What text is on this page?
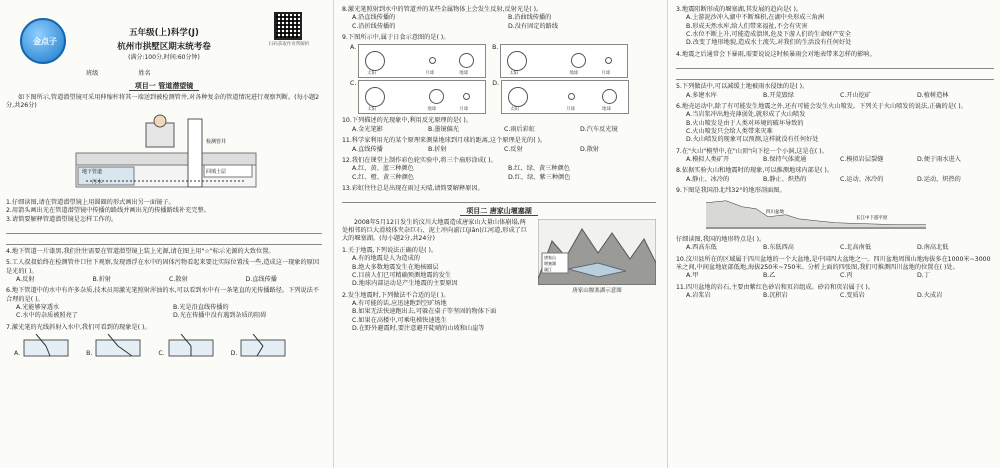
金点子
五年级(上)科学(J)
杭州市拱墅区期末统考卷
(满分:100分,时间:60分钟)
扫码获取作业帮解析
班级	姓名
项目一 管道潜望镜

如下图所示,管道潜望镜可采用伸缩杆将其一端送到被检测管井,对各种复杂的管道情况进行观察判断。(每小题2分,共26分)

地下管道
污水
检测管井
回填土层

1.仔细读图,请在管道潜望镜上用圆圈的形式画出另一面镜子。

2.用箭头画出光在管道潜望镜中传播的路线并画出光的传播路线补充完整。

3.请简要解释管道潜望镜是怎样工作的。

4.地下管道一片漆黑,我们往往需要在管道潜望镜上装上光源,请在图上用"☆"标示光源的大致位置。

5.工人叔叔始终在检测管井口往下观察,发现漂浮在水中的固体污物看起来要比实际位置浅一些,造成这一现象的原因是光的( )。

A.反射	B.折射	C.散射	D.直线传播

6.地下管道中的水中有许多杂质,技术员用激光笔照射浑浊的水,可以看到水中有一条笔直的光传播路径。下列说法不合理的是( )。

A.光能够穿透水	B.光是沿直线传播的
C.水中的杂质被照亮了	D.光在传播中没有遇到杂质的阻碍

7.激光笔的光线斜射入水中,我们可看到的现象是( )。

A.	B.	C.	D.

8.激光笔照射到水中的管道并的某些金属物体上会发生反射,反射光是( )。

A.沿直线传播的	B.沿曲线传播的
C.沿折线传播的	D.没有固定的路线

9.下图所示中,属于日食示意图的是( )。

A.
太阳	月球	地球
B.
太阳	地球	月球
C.
太阳	地球	月球
D.
太阳	月球	地球

10.下列描述的光现象中,利用反光原理的是( )。

A.金光笔影	B.墨镜偏光	C.雨后彩虹	D.汽车反光镜

11.科学家利用光的某个原理来测量地球到月球的距离,这个原理是光的( )。

A.直线传播	B.折射	C.反射	D.散射

12.我们在课堂上制作彩色轮实验中,将三个扇形涂成( )。

A.红、黄、蓝三种颜色	B.红、绿、黄三种颜色
C.红、橙、黄三种颜色	D.红、绿、紫三种颜色

13.彩虹往往总是出现在雨过天晴,请简要解释原因。

项目二 唐家山堰塞湖

2008年5月12日发生的汶川大地震造成唐家山大量山体崩塌,两处相邻的巨大滑坡体夹杂巨石、泥土冲向湔江(jiān)江河道,形成了巨大的堰塞湖。(每小题2分,共24分)

1.关于地震,下列说法正确的是( )。

A.有的地震是人为造成的
B.绝大多数地震发生在地核圈层
C.目前人们已可精确预测地震的发生
D.地球内部运动是产生地震的主要原因

2.发生地震时,下列做法不合适的是( )。

A.有可能的话,应迅速跑到空旷场地
B.如果无法快速跑出去,可躲在桌子等坚固的物体下面
C.如果在高楼中,可乘电梯快速逃生
D.在野外避震时,要注意避开陡峭的山坡和山崖等
唐家山
堰塞湖
湔江
唐家山堰塞湖示意图

3.地震阻断形成的堰塞湖,其发展的趋向是( )。

A.上游泥沙冲入湖中不断堆积,在湖中央形成三角洲
B.形成天然水库,给人们带来福祉,不会有灾害
C.水位不断上升,可能造成溃坝,危及下游人们的生命财产安全
D.改变了地形地貌,造成水土流失,对我们的生活没有任何好处

4.地震之后通常会下暴雨,需要说说这时候暴雨会对地表带来怎样的影响。

5.下列做法中,可以减缓土地被雨水侵蚀的是( )。

A.多建水库	B.开荒毁绿	C.开山挖矿	D.植树造林

6.地壳运动中,除了有可能发生地震之外,还有可能会发生火山喷发。下列关于火山喷发的说法,正确的是( )。

A.当岩浆冲出地壳薄弱处,就形成了火山喷发
B.火山喷发是由于人类对环境的破坏导致的
C.火山喷发只会给人类带来灾难
D.火山喷发的现象可以预测,这样就没有任何好处

7.在"火山"模型中,在"山顶"向下挖一个小洞,这是在( )。

A.模拟人类矿开	B.保持气体流通	C.模拟岩层裂缝	D.便于雨水进入

8.依据实验火山和地震时的现象,可以推测地球内部是( )。

A.静止、冰冷的	B.静止、炽热的	C.运动、冰冷的	D.运动、炽热的

9.下图是我国沿北纬32°的地形剖面图。

四川盆地
长江中下游平原

仔细读图,我国的地形特点是( )。

A.西高东低	B.东低西高	C.北高南低	D.南高北低

10.汶川县所在的区域属于四川盆地的一个大盆地,是中国四大盆地之一。四川盆地周围山地海拔多在1000米~3000米之间,中间盆地底部低地,海拔250米~750米。分析上面的四张图,我们可推测四川盆地的位置在( )处。

A.甲	B.乙	C.丙	D.丁

11.四川盆地的岩石,主要由紫红色砂岩和页岩组成。砂岩和页岩属于( )。

A.岩浆岩	B.沉积岩	C.变质岩	D.火成岩
